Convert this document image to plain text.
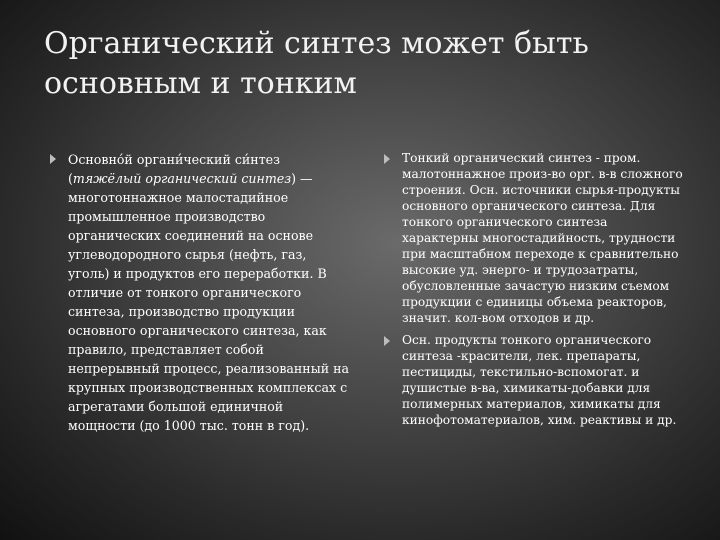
Органический синтез может быть основным и тонким
Основно́й органи́ческий си́нтез (тяжёлый органический синтез) — многотоннажное малостадийное промышленное производство органических соединений на основе углеводородного сырья (нефть, газ, уголь) и продуктов его переработки. В отличие от тонкого органического синтеза, производство продукции основного органического синтеза, как правило, представляет собой непрерывный процесс, реализованный на крупных производственных комплексах с агрегатами большой единичной мощности (до 1000 тыс. тонн в год).
Тонкий органический синтез - пром. малотоннажное произ-во орг. в-в сложного строения. Осн. источники сырья-продукты основного органического синтеза. Для тонкого органического синтеза характерны многостадийность, трудности при масштабном переходе к сравнительно высокие уд. энерго- и трудозатраты, обусловленные зачастую низким съемом продукции с единицы объема реакторов, значит. кол-вом отходов и др.
Осн. продукты тонкого органического синтеза -красители, лек. препараты, пестициды, текстильно-вспомогат. и душистые в-ва, химикаты-добавки для полимерных материалов, химикаты для кинофотоматериалов, хим. реактивы и др.
